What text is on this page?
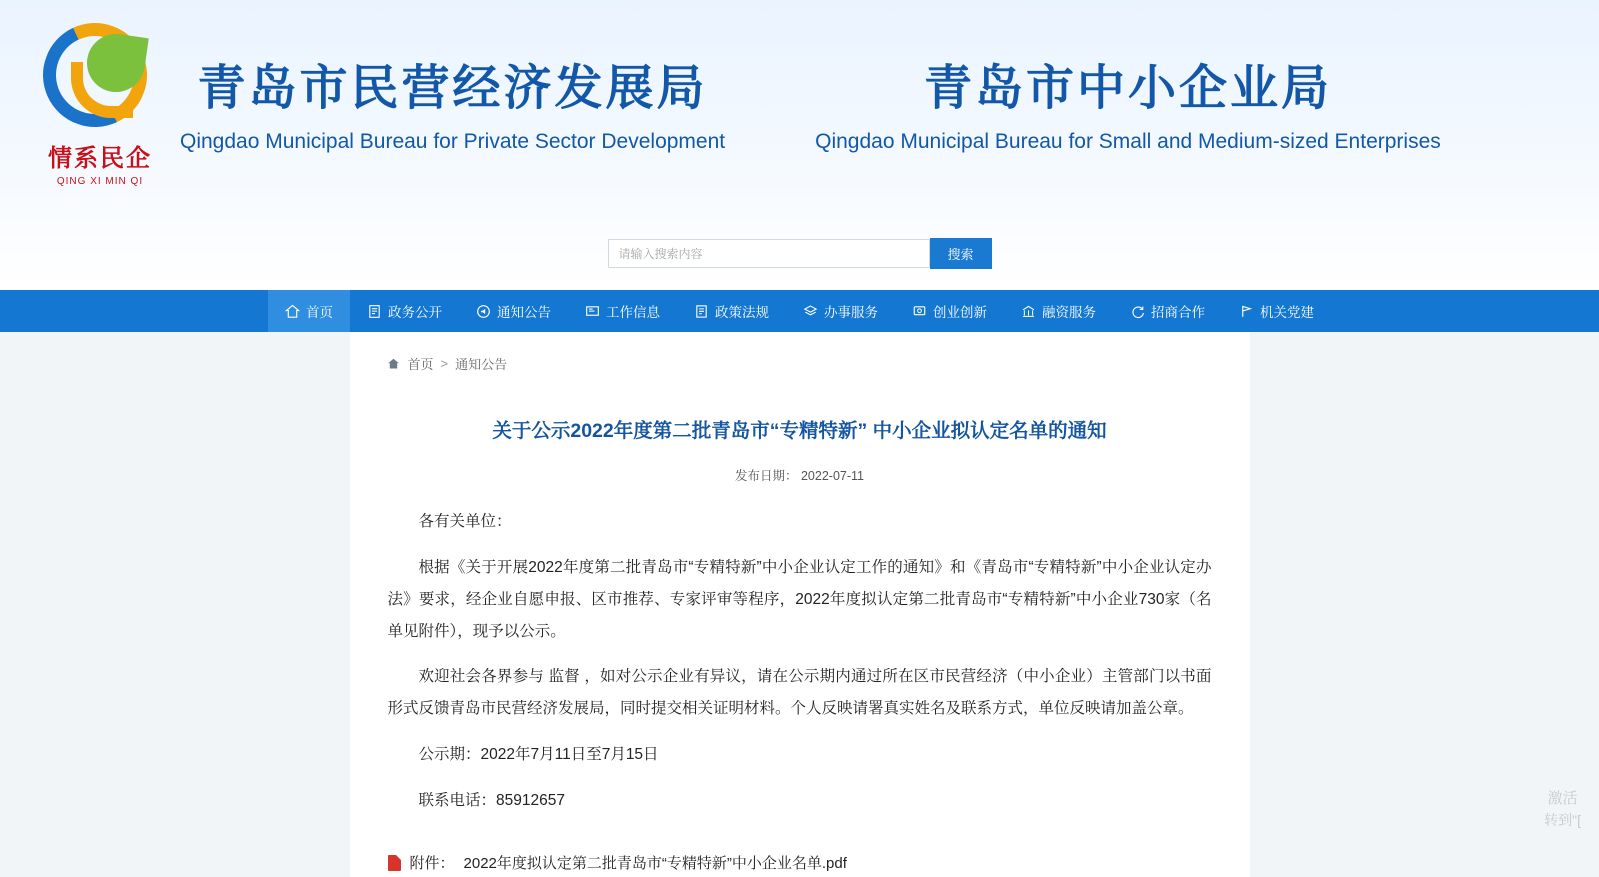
情系民企
QING XI MIN QI
青岛市民营经济发展局
Qingdao Municipal Bureau for Private Sector Development
青岛市中小企业局
Qingdao Municipal Bureau for Small and Medium-sized Enterprises
请输入搜索内容
搜索
首页	政务公开	通知公告	工作信息	政策法规	办事服务	创业创新	融资服务	招商合作	机关党建
首页 > 通知公告
关于公示2022年度第二批青岛市“专精特新” 中小企业拟认定名单的通知
发布日期： 2022-07-11

各有关单位：

根据《关于开展2022年度第二批青岛市“专精特新”中小企业认定工作的通知》和《青岛市“专精特新”中小企业认定办法》要求，经企业自愿申报、区市推荐、专家评审等程序，2022年度拟认定第二批青岛市“专精特新”中小企业730家（名单见附件），现予以公示。

欢迎社会各界参与 监督 ，如对公示企业有异议，请在公示期内通过所在区市民营经济（中小企业）主管部门以书面形式反馈青岛市民营经济发展局，同时提交相关证明材料。个人反映请署真实姓名及联系方式，单位反映请加盖公章。

公示期：2022年7月11日至7月15日

联系电话：85912657

附件： 2022年度拟认定第二批青岛市“专精特新”中小企业名单.pdf
激活
转到"[
